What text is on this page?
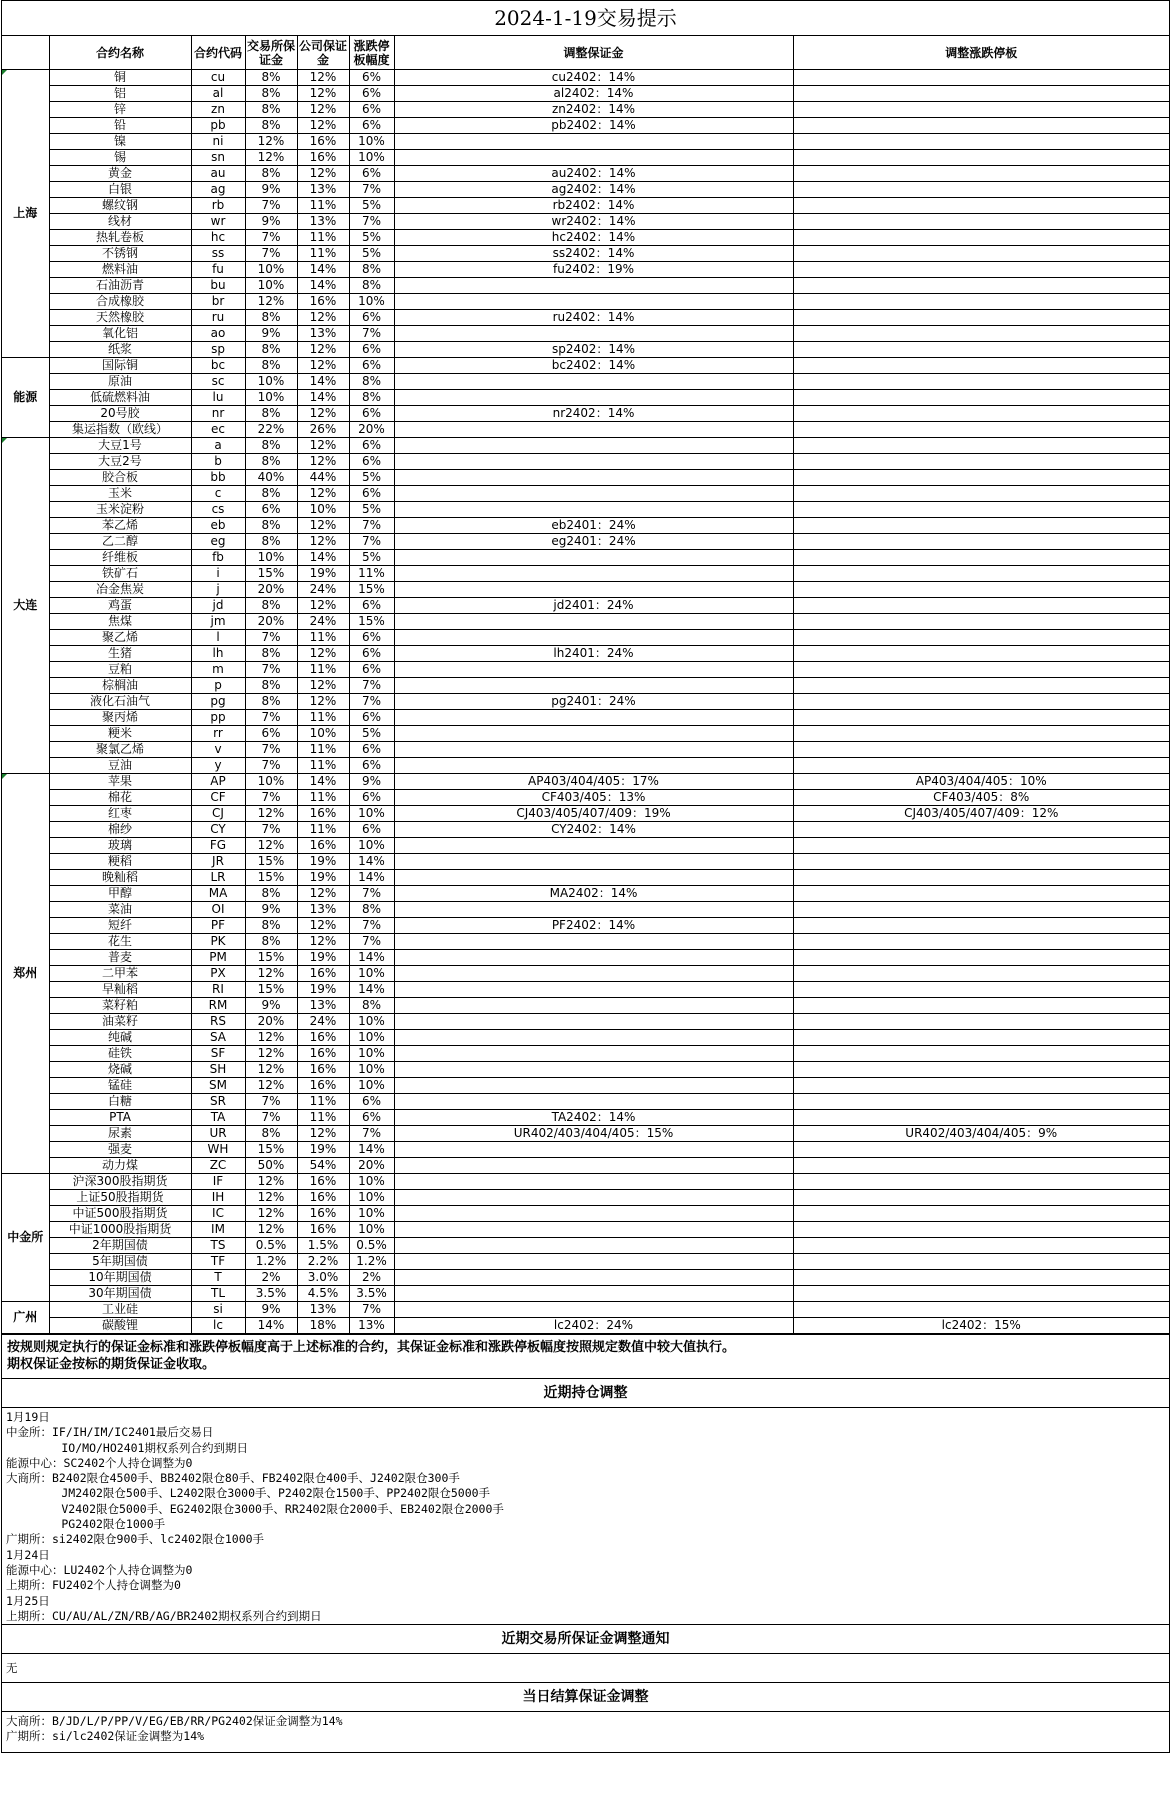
2024-1-19交易提示
	合约名称	合约代码	交易所保证金	公司保证金	涨跌停板幅度	调整保证金	调整涨跌停板

上海	铜	cu	8%	12%	6%	cu2402：14%	
	铝	al	8%	12%	6%	al2402：14%	
	锌	zn	8%	12%	6%	zn2402：14%	
	铅	pb	8%	12%	6%	pb2402：14%	
	镍	ni	12%	16%	10%		
	锡	sn	12%	16%	10%		
	黄金	au	8%	12%	6%	au2402：14%	
	白银	ag	9%	13%	7%	ag2402：14%	
	螺纹钢	rb	7%	11%	5%	rb2402：14%	
	线材	wr	9%	13%	7%	wr2402：14%	
	热轧卷板	hc	7%	11%	5%	hc2402：14%	
	不锈钢	ss	7%	11%	5%	ss2402：14%	
	燃料油	fu	10%	14%	8%	fu2402：19%	
	石油沥青	bu	10%	14%	8%		
	合成橡胶	br	12%	16%	10%		
	天然橡胶	ru	8%	12%	6%	ru2402：14%	
	氧化铝	ao	9%	13%	7%		
	纸浆	sp	8%	12%	6%	sp2402：14%	
能源	国际铜	bc	8%	12%	6%	bc2402：14%	
	原油	sc	10%	14%	8%		
	低硫燃料油	lu	10%	14%	8%		
	20号胶	nr	8%	12%	6%	nr2402：14%	
	集运指数（欧线）	ec	22%	26%	20%		

大连	大豆1号	a	8%	12%	6%		
	大豆2号	b	8%	12%	6%		
	胶合板	bb	40%	44%	5%		
	玉米	c	8%	12%	6%		
	玉米淀粉	cs	6%	10%	5%		
	苯乙烯	eb	8%	12%	7%	eb2401：24%	
	乙二醇	eg	8%	12%	7%	eg2401：24%	
	纤维板	fb	10%	14%	5%		
	铁矿石	i	15%	19%	11%		
	冶金焦炭	j	20%	24%	15%		
	鸡蛋	jd	8%	12%	6%	jd2401：24%	
	焦煤	jm	20%	24%	15%		
	聚乙烯	l	7%	11%	6%		
	生猪	lh	8%	12%	6%	lh2401：24%	
	豆粕	m	7%	11%	6%		
	棕榈油	p	8%	12%	7%		
	液化石油气	pg	8%	12%	7%	pg2401：24%	
	聚丙烯	pp	7%	11%	6%		
	粳米	rr	6%	10%	5%		
	聚氯乙烯	v	7%	11%	6%		
	豆油	y	7%	11%	6%		

郑州	苹果	AP	10%	14%	9%	AP403/404/405：17%	AP403/404/405：10%
	棉花	CF	7%	11%	6%	CF403/405：13%	CF403/405：8%
	红枣	CJ	12%	16%	10%	CJ403/405/407/409：19%	CJ403/405/407/409：12%
	棉纱	CY	7%	11%	6%	CY2402：14%	
	玻璃	FG	12%	16%	10%		
	粳稻	JR	15%	19%	14%		
	晚籼稻	LR	15%	19%	14%		
	甲醇	MA	8%	12%	7%	MA2402：14%	
	菜油	OI	9%	13%	8%		
	短纤	PF	8%	12%	7%	PF2402：14%	
	花生	PK	8%	12%	7%		
	普麦	PM	15%	19%	14%		
	二甲苯	PX	12%	16%	10%		
	早籼稻	RI	15%	19%	14%		
	菜籽粕	RM	9%	13%	8%		
	油菜籽	RS	20%	24%	10%		
	纯碱	SA	12%	16%	10%		
	硅铁	SF	12%	16%	10%		
	烧碱	SH	12%	16%	10%		
	锰硅	SM	12%	16%	10%		
	白糖	SR	7%	11%	6%		
	PTA	TA	7%	11%	6%	TA2402：14%	
	尿素	UR	8%	12%	7%	UR402/403/404/405：15%	UR402/403/404/405：9%
	强麦	WH	15%	19%	14%		
	动力煤	ZC	50%	54%	20%		
中金所	沪深300股指期货	IF	12%	16%	10%		
	上证50股指期货	IH	12%	16%	10%		
	中证500股指期货	IC	12%	16%	10%		
	中证1000股指期货	IM	12%	16%	10%		
	2年期国债	TS	0.5%	1.5%	0.5%		
	5年期国债	TF	1.2%	2.2%	1.2%		
	10年期国债	T	2%	3.0%	2%		
	30年期国债	TL	3.5%	4.5%	3.5%		
广州	工业硅	si	9%	13%	7%		
	碳酸锂	lc	14%	18%	13%	lc2402：24%	lc2402：15%
按规则规定执行的保证金标准和涨跌停板幅度高于上述标准的合约，其保证金标准和涨跌停板幅度按照规定数值中较大值执行。
期权保证金按标的期货保证金收取。
近期持仓调整
1月19日
中金所：IF/IH/IM/IC2401最后交易日
IO/MO/HO2401期权系列合约到期日
能源中心：SC2402个人持仓调整为0
大商所：B2402限仓4500手、BB2402限仓80手、FB2402限仓400手、J2402限仓300手
JM2402限仓500手、L2402限仓3000手、P2402限仓1500手、PP2402限仓5000手
V2402限仓5000手、EG2402限仓3000手、RR2402限仓2000手、EB2402限仓2000手
PG2402限仓1000手
广期所：si2402限仓900手、lc2402限仓1000手
1月24日
能源中心：LU2402个人持仓调整为0
上期所：FU2402个人持仓调整为0
1月25日
上期所：CU/AU/AL/ZN/RB/AG/BR2402期权系列合约到期日
近期交易所保证金调整通知
无
当日结算保证金调整
大商所：B/JD/L/P/PP/V/EG/EB/RR/PG2402保证金调整为14%
广期所：si/lc2402保证金调整为14%
